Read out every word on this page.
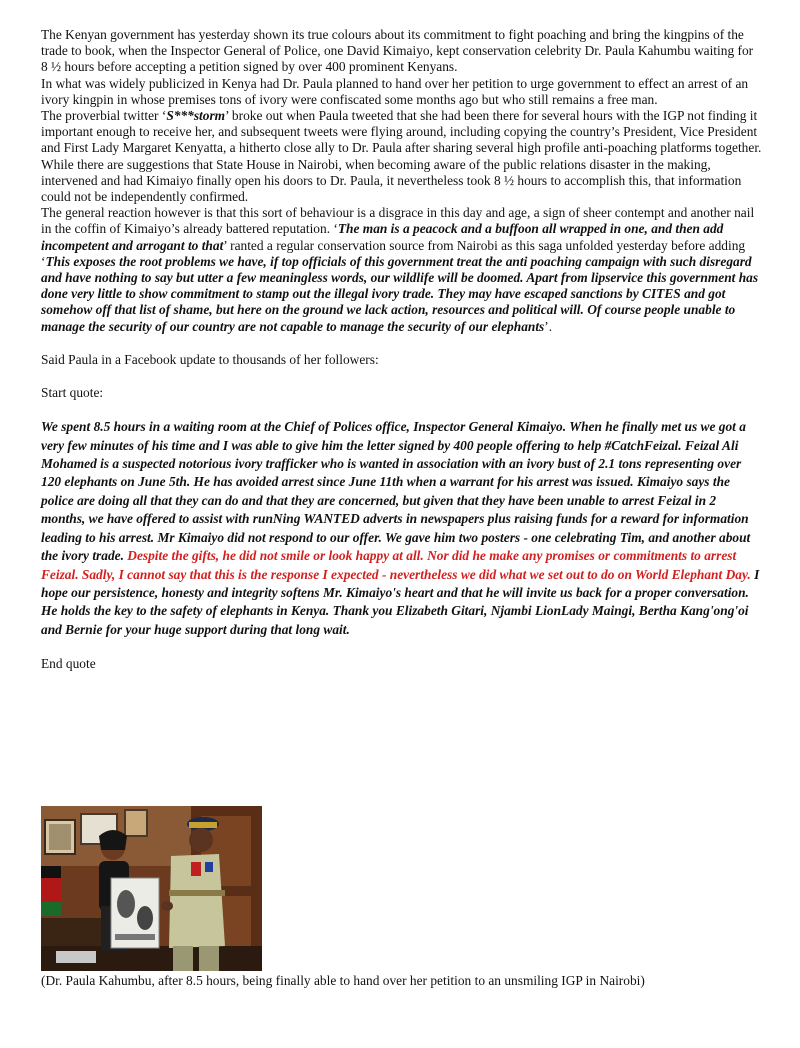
The Kenyan government has yesterday shown its true colours about its commitment to fight poaching and bring the kingpins of the trade to book, when the Inspector General of Police, one David Kimaiyo, kept conservation celebrity Dr. Paula Kahumbu waiting for 8 ½ hours before accepting a petition signed by over 400 prominent Kenyans.

In what was widely publicized in Kenya had Dr. Paula planned to hand over her petition to urge government to effect an arrest of an ivory kingpin in whose premises tons of ivory were confiscated some months ago but who still remains a free man.

The proverbial twitter ‘S***storm’ broke out when Paula tweeted that she had been there for several hours with the IGP not finding it important enough to receive her, and subsequent tweets were flying around, including copying the country’s President, Vice President and First Lady Margaret Kenyatta, a hitherto close ally to Dr. Paula after sharing several high profile anti-poaching platforms together.

While there are suggestions that State House in Nairobi, when becoming aware of the public relations disaster in the making, intervened and had Kimaiyo finally open his doors to Dr. Paula, it nevertheless took 8 ½ hours to accomplish this, that information could not be independently confirmed.

The general reaction however is that this sort of behaviour is a disgrace in this day and age, a sign of sheer contempt and another nail in the coffin of Kimaiyo’s already battered reputation. ‘The man is a peacock and a buffoon all wrapped in one, and then add incompetent and arrogant to that’ ranted a regular conservation source from Nairobi as this saga unfolded yesterday before adding ‘This exposes the root problems we have, if top officials of this government treat the anti poaching campaign with such disregard and have nothing to say but utter a few meaningless words, our wildlife will be doomed. Apart from lipservice this government has done very little to show commitment to stamp out the illegal ivory trade. They may have escaped sanctions by CITES and got somehow off that list of shame, but here on the ground we lack action, resources and political will. Of course people unable to manage the security of our country are not capable to manage the security of our elephants’.

Said Paula in a Facebook update to thousands of her followers:

Start quote:

We spent 8.5 hours in a waiting room at the Chief of Polices office, Inspector General Kimaiyo. When he finally met us we got a very few minutes of his time and I was able to give him the letter signed by 400 people offering to help #CatchFeizal. Feizal Ali Mohamed is a suspected notorious ivory trafficker who is wanted in association with an ivory bust of 2.1 tons representing over 120 elephants on June 5th. He has avoided arrest since June 11th when a warrant for his arrest was issued. Kimaiyo says the police are doing all that they can do and that they are concerned, but given that they have been unable to arrest Feizal in 2 months, we have offered to assist with runNing WANTED adverts in newspapers plus raising funds for a reward for information leading to his arrest. Mr Kimaiyo did not respond to our offer. We gave him two posters - one celebrating Tim, and another about the ivory trade. Despite the gifts, he did not smile or look happy at all. Nor did he make any promises or commitments to arrest Feizal. Sadly, I cannot say that this is the response I expected - nevertheless we did what we set out to do on World Elephant Day. I hope our persistence, honesty and integrity softens Mr. Kimaiyo's heart and that he will invite us back for a proper conversation. He holds the key to the safety of elephants in Kenya. Thank you Elizabeth Gitari, Njambi LionLady Maingi, Bertha Kang'ong'oi and Bernie for your huge support during that long wait.

End quote

(Dr. Paula Kahumbu, after 8.5 hours, being finally able to hand over her petition to an unsmiling IGP in Nairobi)
